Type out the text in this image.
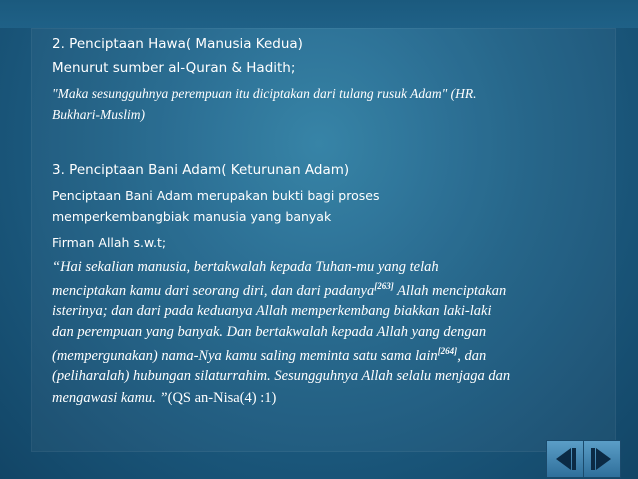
2. Penciptaan Hawa( Manusia Kedua)
Menurut sumber al-Quran & Hadith;
"Maka sesungguhnya perempuan itu diciptakan dari tulang rusuk Adam" (HR.
Bukhari-Muslim)
3. Penciptaan Bani Adam( Keturunan Adam)
Penciptaan Bani Adam merupakan bukti bagi proses
memperkembangbiak manusia yang banyak
Firman Allah s.w.t;
“Hai sekalian manusia, bertakwalah kepada Tuhan-mu yang telah
menciptakan kamu dari seorang diri, dan dari padanya[263] Allah menciptakan
isterinya; dan dari pada keduanya Allah memperkembang biakkan laki-laki
dan perempuan yang banyak. Dan bertakwalah kepada Allah yang dengan
(mempergunakan) nama-Nya kamu saling meminta satu sama lain[264], dan
(peliharalah) hubungan silaturrahim. Sesungguhnya Allah selalu menjaga dan
mengawasi kamu. ”(QS an-Nisa(4) :1)
